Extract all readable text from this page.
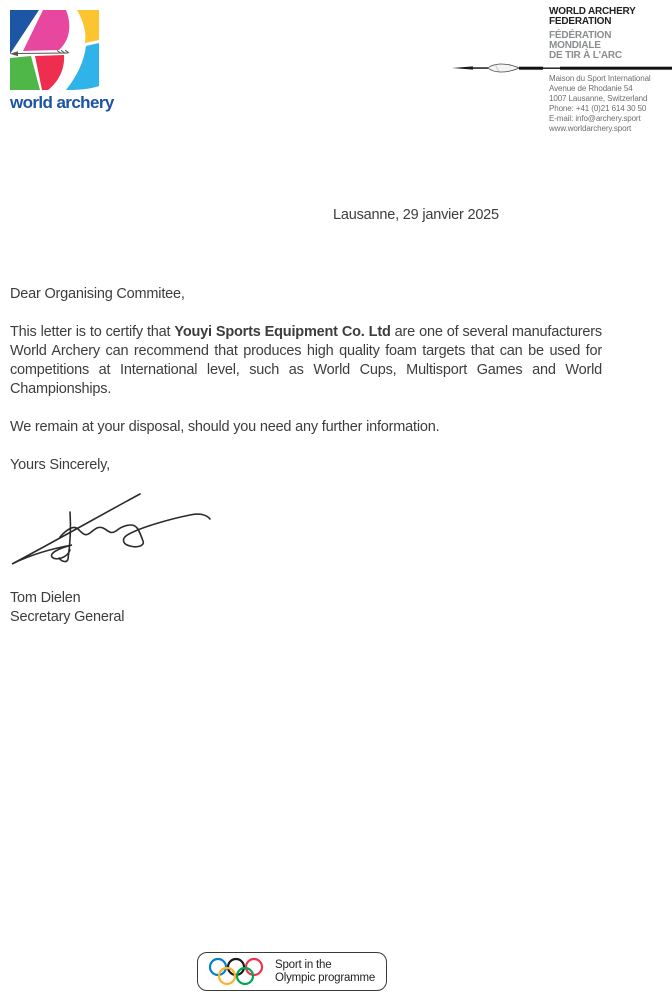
world archery
WORLD ARCHERY
FEDERATION
FÉDÉRATION
MONDIALE
DE TIR À L'ARC
Maison du Sport International
Avenue de Rhodanie 54
1007 Lausanne, Switzerland
Phone: +41 (0)21 614 30 50
E-mail: info@archery.sport
www.worldarchery.sport
Lausanne, 29 janvier 2025

Dear Organising Commitee,

This letter is to certify that Youyi Sports Equipment Co. Ltd are one of several manufacturers World Archery can recommend that produces high quality foam targets that can be used for competitions at International level, such as World Cups, Multisport Games and World Championships.

We remain at your disposal, should you need any further information.

Yours Sincerely,

Tom Dielen
Secretary General
Sport in the
Olympic programme
